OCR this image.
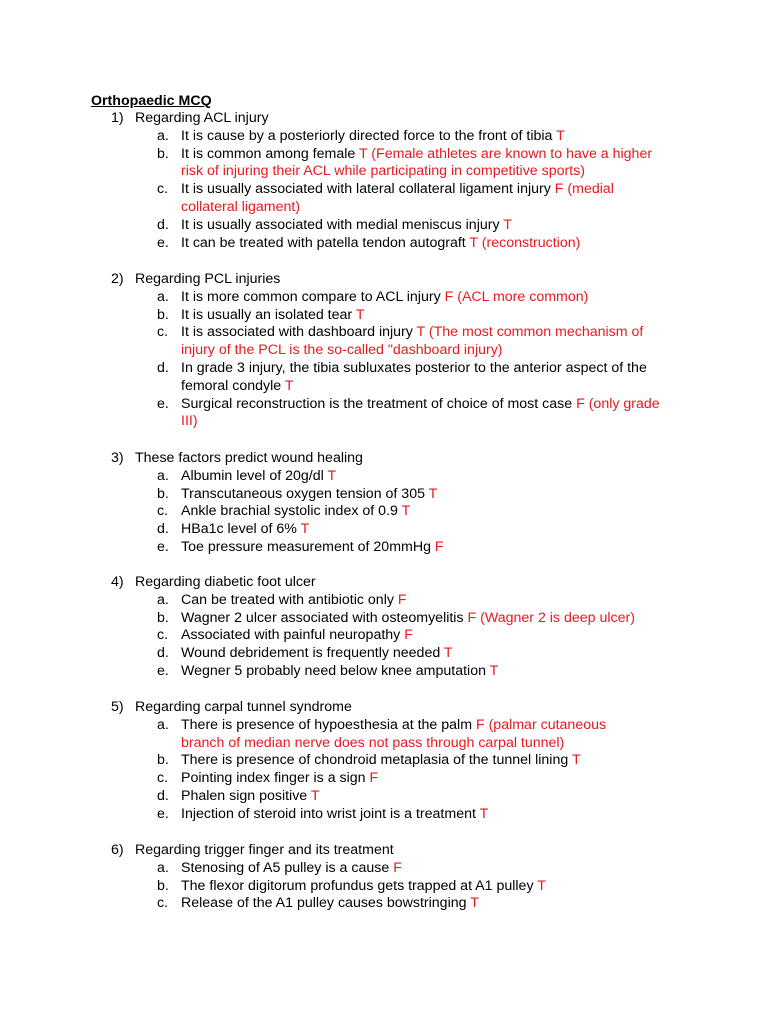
Orthopaedic MCQ
1) Regarding ACL injury
a. It is cause by a posteriorly directed force to the front of tibia T
b. It is common among female T (Female athletes are known to have a higher risk of injuring their ACL while participating in competitive sports)
c. It is usually associated with lateral collateral ligament injury F (medial collateral ligament)
d. It is usually associated with medial meniscus injury T
e. It can be treated with patella tendon autograft T (reconstruction)
2) Regarding PCL injuries
a. It is more common compare to ACL injury F (ACL more common)
b. It is usually an isolated tear T
c. It is associated with dashboard injury T (The most common mechanism of injury of the PCL is the so-called "dashboard injury)
d. In grade 3 injury, the tibia subluxates posterior to the anterior aspect of the femoral condyle T
e. Surgical reconstruction is the treatment of choice of most case F (only grade III)
3) These factors predict wound healing
a. Albumin level of 20g/dl T
b. Transcutaneous oxygen tension of 305 T
c. Ankle brachial systolic index of 0.9 T
d. HBa1c level of 6% T
e. Toe pressure measurement of 20mmHg F
4) Regarding diabetic foot ulcer
a. Can be treated with antibiotic only F
b. Wagner 2 ulcer associated with osteomyelitis F (Wagner 2 is deep ulcer)
c. Associated with painful neuropathy F
d. Wound debridement is frequently needed T
e. Wegner 5 probably need below knee amputation T
5) Regarding carpal tunnel syndrome
a. There is presence of hypoesthesia at the palm F (palmar cutaneous branch of median nerve does not pass through carpal tunnel)
b. There is presence of chondroid metaplasia of the tunnel lining T
c. Pointing index finger is a sign F
d. Phalen sign positive T
e. Injection of steroid into wrist joint is a treatment T
6) Regarding trigger finger and its treatment
a. Stenosing of A5 pulley is a cause F
b. The flexor digitorum profundus gets trapped at A1 pulley T
c. Release of the A1 pulley causes bowstringing T
